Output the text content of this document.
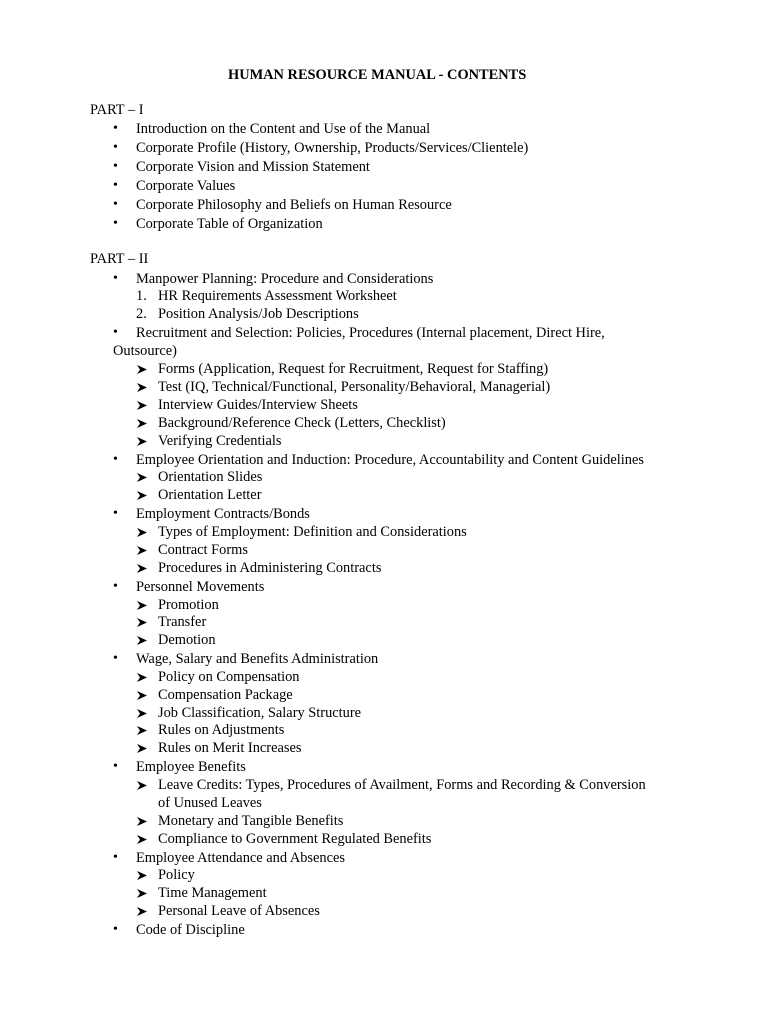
HUMAN RESOURCE MANUAL - CONTENTS
PART – I
• Introduction on the Content and Use of the Manual
• Corporate Profile (History, Ownership, Products/Services/Clientele)
• Corporate Vision and Mission Statement
• Corporate Values
• Corporate Philosophy and Beliefs on Human Resource
• Corporate Table of Organization
PART – II
• Manpower Planning: Procedure and Considerations
1. HR Requirements Assessment Worksheet
2. Position Analysis/Job Descriptions
• Recruitment and Selection: Policies, Procedures (Internal placement, Direct Hire,
Outsource)
Forms (Application, Request for Recruitment, Request for Staffing)
Test (IQ, Technical/Functional, Personality/Behavioral, Managerial)
Interview Guides/Interview Sheets
Background/Reference Check (Letters, Checklist)
Verifying Credentials
• Employee Orientation and Induction: Procedure, Accountability and Content Guidelines
Orientation Slides
Orientation Letter
• Employment Contracts/Bonds
Types of Employment: Definition and Considerations
Contract Forms
Procedures in Administering Contracts
• Personnel Movements
Promotion
Transfer
Demotion
• Wage, Salary and Benefits Administration
Policy on Compensation
Compensation Package
Job Classification, Salary Structure
Rules on Adjustments
Rules on Merit Increases
• Employee Benefits
Leave Credits: Types, Procedures of Availment, Forms and Recording & Conversion
of Unused Leaves
Monetary and Tangible Benefits
Compliance to Government Regulated Benefits
• Employee Attendance and Absences
Policy
Time Management
Personal Leave of Absences
• Code of Discipline
